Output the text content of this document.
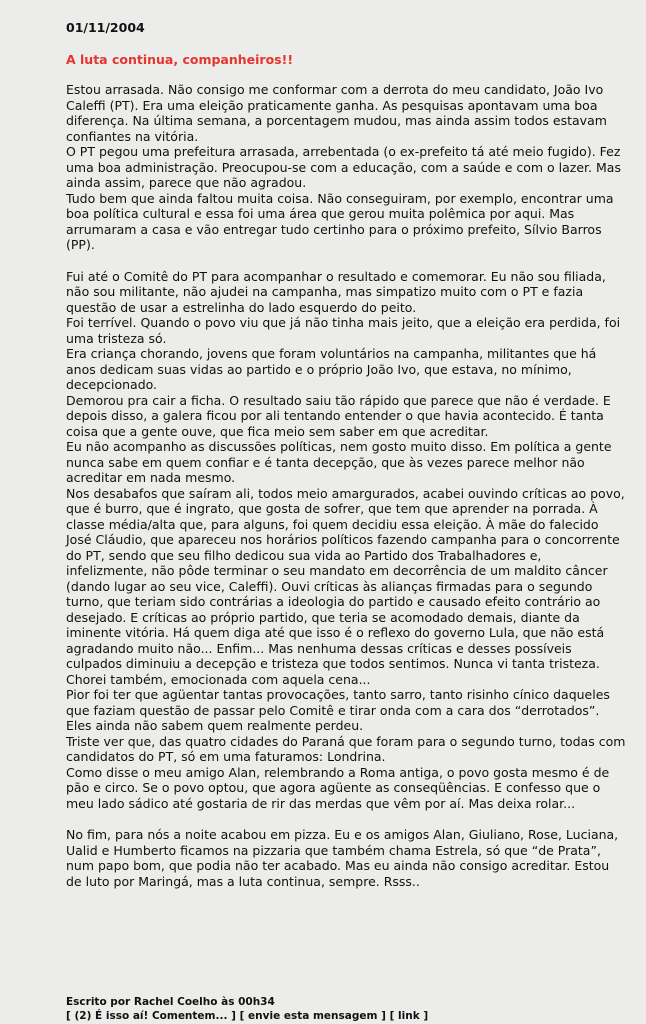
01/11/2004
A luta continua, companheiros!!

Estou arrasada. Não consigo me conformar com a derrota do meu candidato, João Ivo Caleffi (PT). Era uma eleição praticamente ganha. As pesquisas apontavam uma boa diferença. Na última semana, a porcentagem mudou, mas ainda assim todos estavam confiantes na vitória.

O PT pegou uma prefeitura arrasada, arrebentada (o ex-prefeito tá até meio fugido). Fez uma boa administração. Preocupou-se com a educação, com a saúde e com o lazer. Mas ainda assim, parece que não agradou.

Tudo bem que ainda faltou muita coisa. Não conseguiram, por exemplo, encontrar uma boa política cultural e essa foi uma área que gerou muita polêmica por aqui. Mas arrumaram a casa e vão entregar tudo certinho para o próximo prefeito, Sílvio Barros (PP).

Fui até o Comitê do PT para acompanhar o resultado e comemorar. Eu não sou filiada, não sou militante, não ajudei na campanha, mas simpatizo muito com o PT e fazia questão de usar a estrelinha do lado esquerdo do peito.

Foi terrível. Quando o povo viu que já não tinha mais jeito, que a eleição era perdida, foi uma tristeza só.

Era criança chorando, jovens que foram voluntários na campanha, militantes que há anos dedicam suas vidas ao partido e o próprio João Ivo, que estava, no mínimo, decepcionado.

Demorou pra cair a ficha. O resultado saiu tão rápido que parece que não é verdade. E depois disso, a galera ficou por ali tentando entender o que havia acontecido. É tanta coisa que a gente ouve, que fica meio sem saber em que acreditar.

Eu não acompanho as discussões políticas, nem gosto muito disso. Em política a gente nunca sabe em quem confiar e é tanta decepção, que às vezes parece melhor não acreditar em nada mesmo.

Nos desabafos que saíram ali, todos meio amargurados, acabei ouvindo críticas ao povo, que é burro, que é ingrato, que gosta de sofrer, que tem que aprender na porrada. À classe média/alta que, para alguns, foi quem decidiu essa eleição. À mãe do falecido José Cláudio, que apareceu nos horários políticos fazendo campanha para o concorrente do PT, sendo que seu filho dedicou sua vida ao Partido dos Trabalhadores e, infelizmente, não pôde terminar o seu mandato em decorrência de um maldito câncer (dando lugar ao seu vice, Caleffi). Ouvi críticas às alianças firmadas para o segundo turno, que teriam sido contrárias a ideologia do partido e causado efeito contrário ao desejado. E críticas ao próprio partido, que teria se acomodado demais, diante da iminente vitória. Há quem diga até que isso é o reflexo do governo Lula, que não está agradando muito não... Enfim... Mas nenhuma dessas críticas e desses possíveis culpados diminuiu a decepção e tristeza que todos sentimos. Nunca vi tanta tristeza. Chorei também, emocionada com aquela cena...

Pior foi ter que agüentar tantas provocações, tanto sarro, tanto risinho cínico daqueles que faziam questão de passar pelo Comitê e tirar onda com a cara dos “derrotados”. Eles ainda não sabem quem realmente perdeu.

Triste ver que, das quatro cidades do Paraná que foram para o segundo turno, todas com candidatos do PT, só em uma faturamos: Londrina.

Como disse o meu amigo Alan, relembrando a Roma antiga, o povo gosta mesmo é de pão e circo. Se o povo optou, que agora agüente as conseqüências. E confesso que o meu lado sádico até gostaria de rir das merdas que vêm por aí. Mas deixa rolar...

No fim, para nós a noite acabou em pizza. Eu e os amigos Alan, Giuliano, Rose, Luciana, Ualid e Humberto ficamos na pizzaria que também chama Estrela, só que “de Prata”, num papo bom, que podia não ter acabado. Mas eu ainda não consigo acreditar. Estou de luto por Maringá, mas a luta continua, sempre. Rsss..

Escrito por Rachel Coelho às 00h34
[ (2) É isso aí! Comentem... ] [ envie esta mensagem ] [ link ]
